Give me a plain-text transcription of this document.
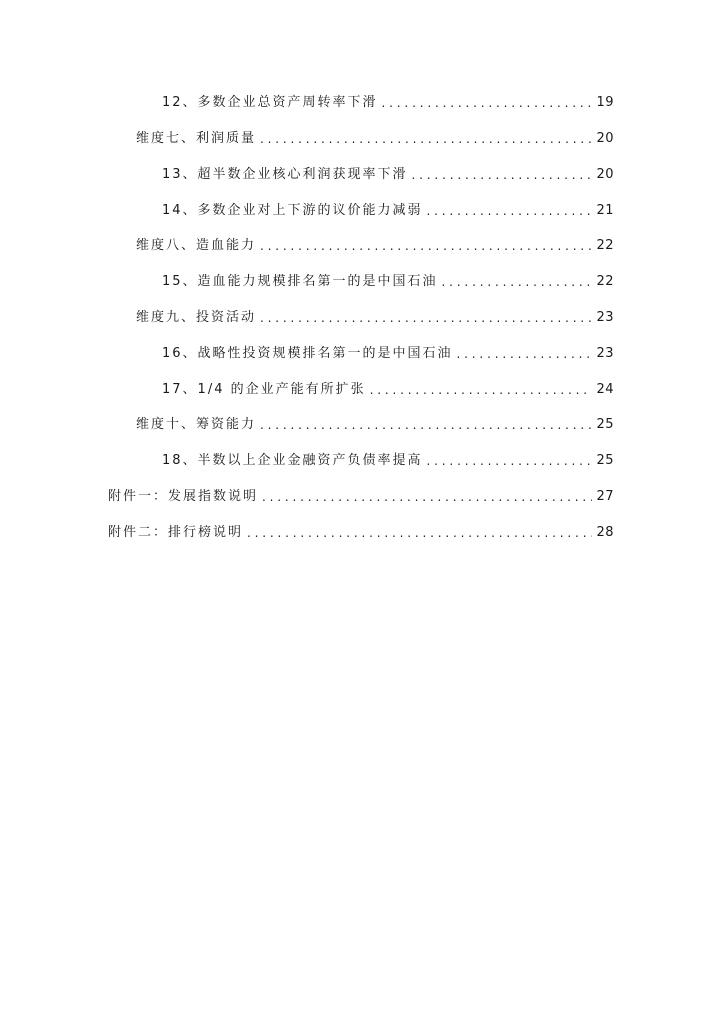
12、多数企业总资产周转率下滑 . . .	19
维度七、利润质量 . . .	20
13、超半数企业核心利润获现率下滑 . . .	20
14、多数企业对上下游的议价能力减弱 . . .	21
维度八、造血能力 . . .	22
15、造血能力规模排名第一的是中国石油 . . .	22
维度九、投资活动 . . .	23
16、战略性投资规模排名第一的是中国石油 . . .	23
17、1/4 的企业产能有所扩张 . . .	24
维度十、筹资能力 . . .	25
18、半数以上企业金融资产负债率提高 . . .	25
附件一：发展指数说明 . . .	27
附件二：排行榜说明 . . .	28
